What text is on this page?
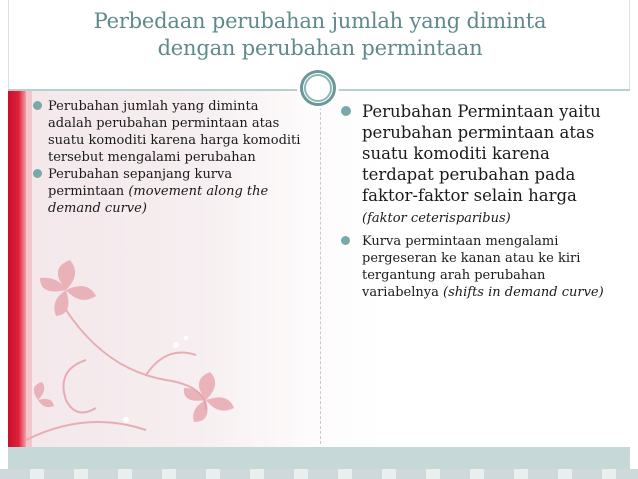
Perbedaan perubahan jumlah yang diminta
dengan perubahan permintaan
Perubahan jumlah yang diminta adalah perubahan permintaan atas suatu komoditi karena harga komoditi tersebut mengalami perubahan
Perubahan sepanjang kurva permintaan (movement along the demand curve)
Perubahan Permintaan yaitu perubahan permintaan atas suatu komoditi karena terdapat perubahan pada faktor-faktor selain harga (faktor ceterisparibus)
Kurva permintaan mengalami pergeseran ke kanan atau ke kiri tergantung arah perubahan variabelnya (shifts in demand curve)
